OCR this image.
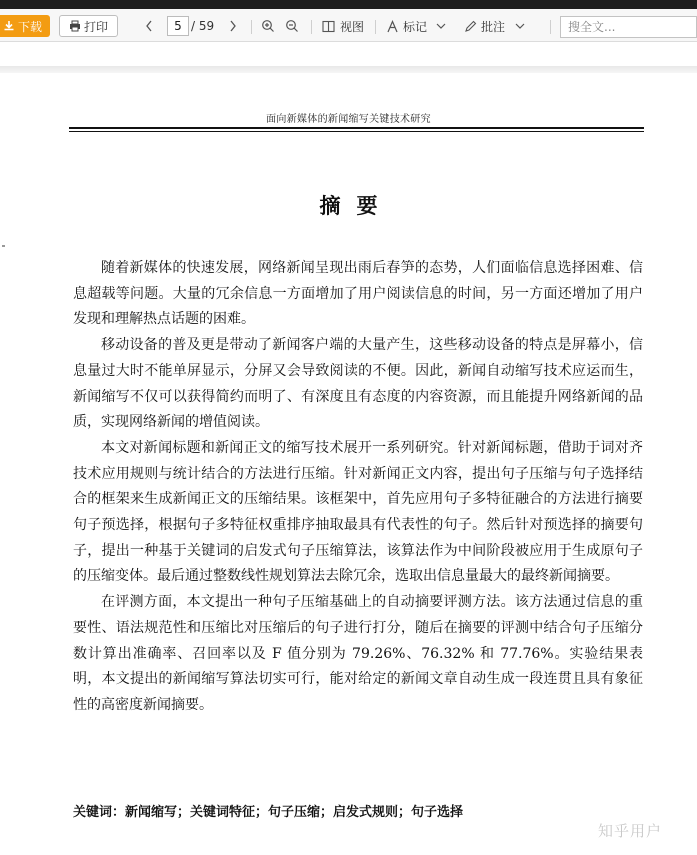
下载	打印	5 / 59	视图	标记	批注	搜全文...
面向新媒体的新闻缩写关键技术研究
摘要

随着新媒体的快速发展，网络新闻呈现出雨后春笋的态势，人们面临信息选择困难、信息超载等问题。大量的冗余信息一方面增加了用户阅读信息的时间，另一方面还增加了用户发现和理解热点话题的困难。

移动设备的普及更是带动了新闻客户端的大量产生，这些移动设备的特点是屏幕小，信息量过大时不能单屏显示，分屏又会导致阅读的不便。因此，新闻自动缩写技术应运而生，新闻缩写不仅可以获得简约而明了、有深度且有态度的内容资源，而且能提升网络新闻的品质，实现网络新闻的增值阅读。

本文对新闻标题和新闻正文的缩写技术展开一系列研究。针对新闻标题，借助于词对齐技术应用规则与统计结合的方法进行压缩。针对新闻正文内容，提出句子压缩与句子选择结合的框架来生成新闻正文的压缩结果。该框架中，首先应用句子多特征融合的方法进行摘要句子预选择，根据句子多特征权重排序抽取最具有代表性的句子。然后针对预选择的摘要句子，提出一种基于关键词的启发式句子压缩算法，该算法作为中间阶段被应用于生成原句子的压缩变体。最后通过整数线性规划算法去除冗余，选取出信息量最大的最终新闻摘要。

在评测方面，本文提出一种句子压缩基础上的自动摘要评测方法。该方法通过信息的重要性、语法规范性和压缩比对压缩后的句子进行打分，随后在摘要的评测中结合句子压缩分数计算出准确率、召回率以及 F 值分别为 79.26%、76.32% 和 77.76%。实验结果表明，本文提出的新闻缩写算法切实可行，能对给定的新闻文章自动生成一段连贯且具有象征性的高密度新闻摘要。

关键词：新闻缩写；关键词特征；句子压缩；启发式规则；句子选择
知乎用户
